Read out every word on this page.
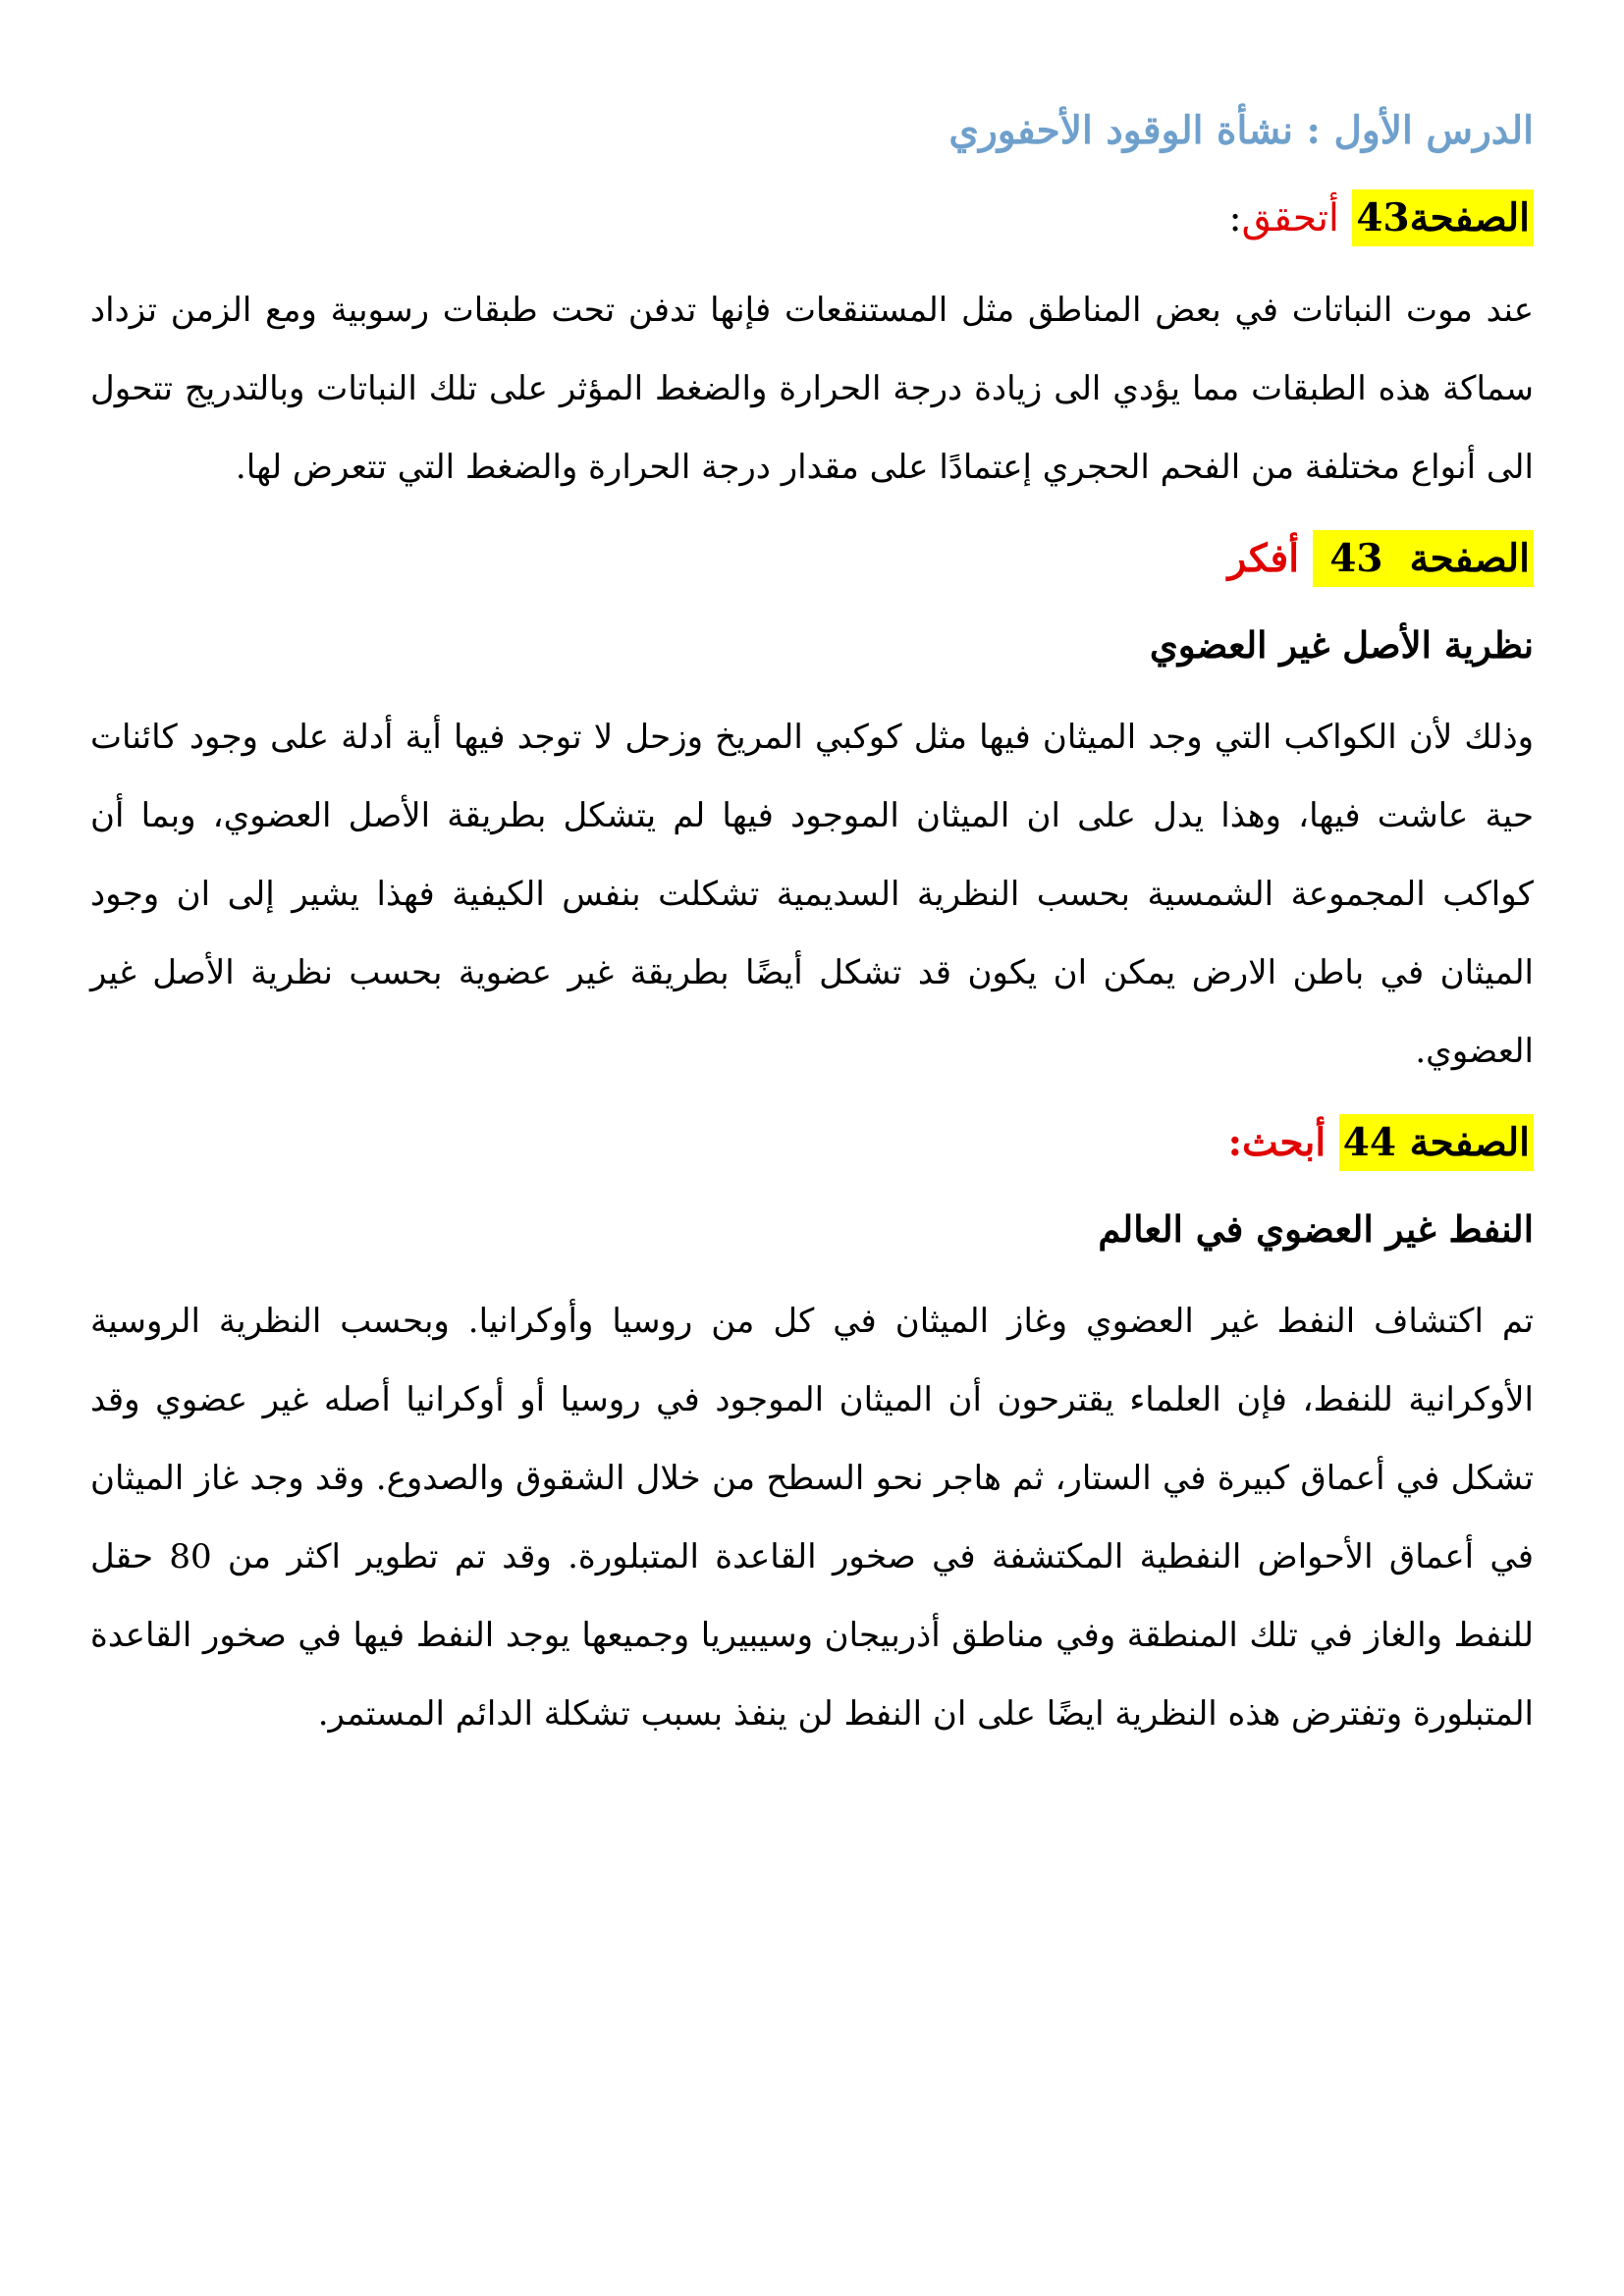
الدرس الأول : نشأة الوقود الأحفوري
الصفحة43 أتحقق:

عند موت النباتات في بعض المناطق مثل المستنقعات فإنها تدفن تحت طبقات رسوبية ومع الزمن تزداد سماكة هذه الطبقات مما يؤدي الى زيادة درجة الحرارة والضغط المؤثر على تلك النباتات وبالتدريج تتحول الى أنواع مختلفة من الفحم الحجري إعتمادًا على مقدار درجة الحرارة والضغط التي تتعرض لها.

الصفحة  43  أفكر
نظرية الأصل غير العضوي

وذلك لأن الكواكب التي وجد الميثان فيها مثل كوكبي المريخ وزحل لا توجد فيها أية أدلة على وجود كائنات حية عاشت فيها، وهذا يدل على ان الميثان الموجود فيها لم يتشكل بطريقة الأصل العضوي، وبما أن كواكب المجموعة الشمسية بحسب النظرية السديمية تشكلت بنفس الكيفية فهذا يشير إلى ان وجود الميثان في باطن الارض يمكن ان يكون قد تشكل أيضًا بطريقة غير عضوية بحسب نظرية الأصل غير العضوي.

الصفحة 44 أبحث:
النفط غير العضوي في العالم

تم اكتشاف النفط غير العضوي وغاز الميثان في كل من روسيا وأوكرانيا. وبحسب النظرية الروسية الأوكرانية للنفط، فإن العلماء يقترحون أن الميثان الموجود في روسيا أو أوكرانيا أصله غير عضوي وقد تشكل في أعماق كبيرة في الستار، ثم هاجر نحو السطح من خلال الشقوق والصدوع. وقد وجد غاز الميثان في أعماق الأحواض النفطية المكتشفة في صخور القاعدة المتبلورة. وقد تم تطوير اكثر من 80 حقل للنفط والغاز في تلك المنطقة وفي مناطق أذربيجان وسيبيريا وجميعها يوجد النفط فيها في صخور القاعدة المتبلورة وتفترض هذه النظرية ايضًا على ان النفط لن ينفذ بسبب تشكلة الدائم المستمر.
